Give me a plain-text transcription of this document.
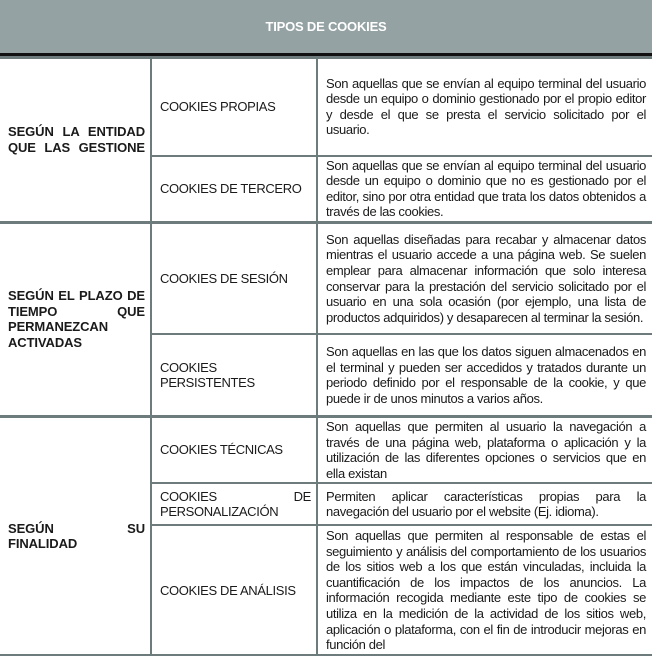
TIPOS DE COOKIES
SEGÚN LA ENTIDAD QUE LAS GESTIONE	COOKIES PROPIAS	Son aquellas que se envían al equipo terminal del usuario desde un equipo o dominio gestionado por el propio editor y desde el que se presta el servicio solicitado por el usuario.
	COOKIES DE TERCERO	Son aquellas que se envían al equipo terminal del usuario desde un equipo o dominio que no es gestionado por el editor, sino por otra entidad que trata los datos obtenidos a través de las cookies.
SEGÚN EL PLAZO DE TIEMPO QUE PERMANEZCAN ACTIVADAS	COOKIES DE SESIÓN	Son aquellas diseñadas para recabar y almacenar datos mientras el usuario accede a una página web. Se suelen emplear para almacenar información que solo interesa conservar para la prestación del servicio solicitado por el usuario en una sola ocasión (por ejemplo, una lista de productos adquiridos) y desaparecen al terminar la sesión.
	COOKIES PERSISTENTES	Son aquellas en las que los datos siguen almacenados en el terminal y pueden ser accedidos y tratados durante un periodo definido por el responsable de la cookie, y que puede ir de unos minutos a varios años.
SEGÚN SU FINALIDAD	COOKIES TÉCNICAS	Son aquellas que permiten al usuario la navegación a través de una página web, plataforma o aplicación y la utilización de las diferentes opciones o servicios que en ella existan
	COOKIES DE PERSONALIZACIÓN	Permiten aplicar características propias para la navegación del usuario por el website (Ej. idioma).
	COOKIES DE ANÁLISIS	Son aquellas que permiten al responsable de estas el seguimiento y análisis del comportamiento de los usuarios de los sitios web a los que están vinculadas, incluida la cuantificación de los impactos de los anuncios. La información recogida mediante este tipo de cookies se utiliza en la medición de la actividad de los sitios web, aplicación o plataforma, con el fin de introducir mejoras en función del
